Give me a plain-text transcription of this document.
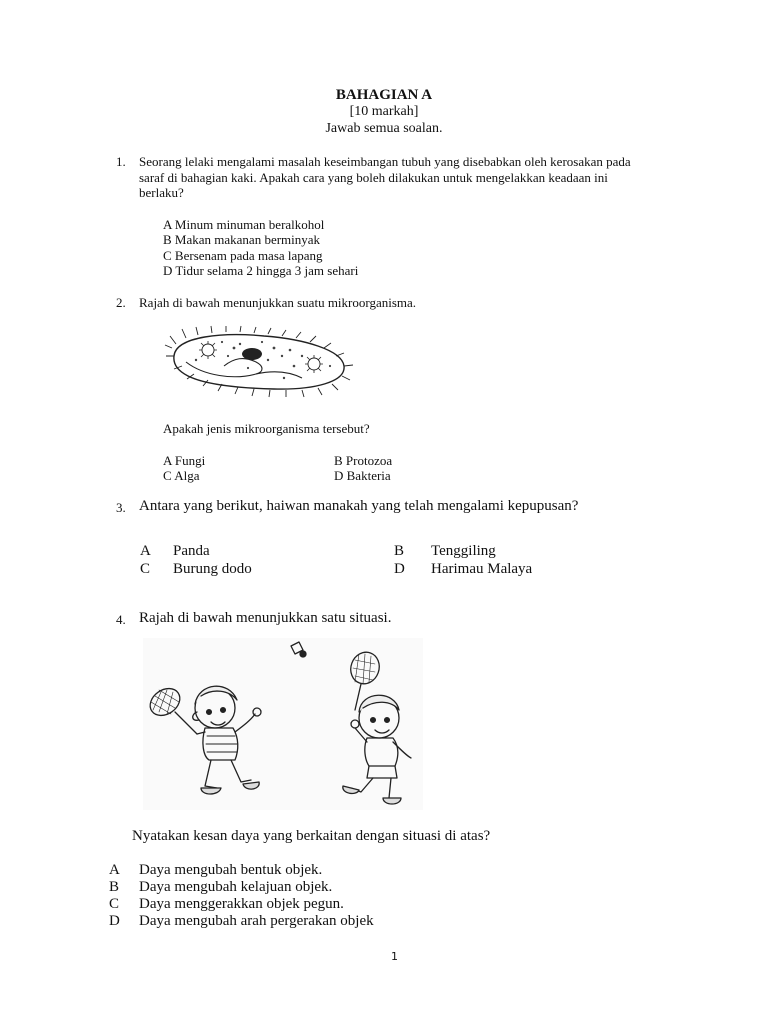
BAHAGIAN A
[10 markah]
Jawab semua soalan.
1. Seorang lelaki mengalami masalah keseimbangan tubuh yang disebabkan oleh kerosakan pada
saraf di bahagian kaki. Apakah cara yang boleh dilakukan untuk mengelakkan keadaan ini
berlaku?
A Minum minuman beralkohol
B Makan makanan berminyak
C Bersenam pada masa lapang
D Tidur selama 2 hingga 3 jam sehari
2. Rajah di bawah menunjukkan suatu mikroorganisma.
Apakah jenis mikroorganisma tersebut?
A Fungi	B Protozoa
C Alga	D Bakteria
3. Antara yang berikut, haiwan manakah yang telah mengalami kepupusan?
A Panda	B Tenggiling
C Burung dodo	D Harimau Malaya
4. Rajah di bawah menunjukkan satu situasi.
Nyatakan kesan daya yang berkaitan dengan situasi di atas?
A Daya mengubah bentuk objek.
B Daya mengubah kelajuan objek.
C Daya menggerakkan objek pegun.
D Daya mengubah arah pergerakan objek
1
